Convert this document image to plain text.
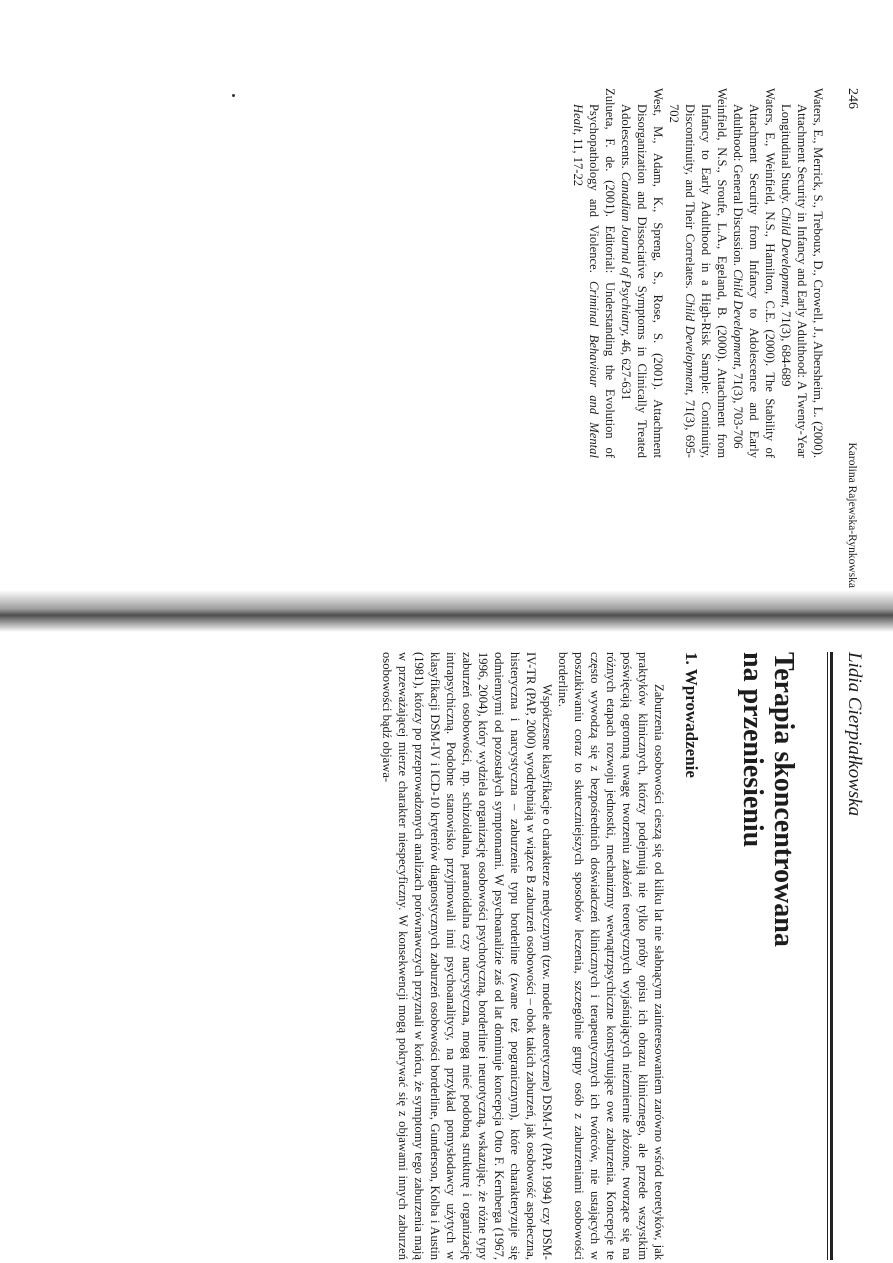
246
Karolina Rajewska-Rynkowska

Waters, E., Merrick, S., Treboux, D., Crowell, J., Albersheim, L. (2000). Attachment Security in Infancy and Early Adulthood: A Twenty-Year Longitudinal Study. Child Development, 71(3), 684-689

Waters, E., Weinfield, N.S., Hamilton, C.E. (2000). The Stability of Attachment Security from Infancy to Adolescence and Early Adulthood: General Discussion. Child Development, 71(3), 703-706

Weinfield, N.S., Sroufe, L.A., Egeland, B. (2000). Attachment from Infancy to Early Adulthood in a High-Risk Sample: Continuity, Discontinuity, and Their Correlates. Child Development, 71(3), 695-702

West, M., Adam, K., Spreng, S., Rose, S. (2001). Attachment Disorganization and Dissociative Symptoms in Clinically Treated Adolescents. Canadian Journal of Psychiatry, 46, 627-631

Zulueta, F. de. (2001). Editorial: Understanding the Evolution of Psychopathology and Violence. Criminal Behaviour and Mental Healt, 11, 17-22

Lidia Cierpiałkowska

Terapia skoncentrowana
na przeniesieniu

1. Wprowadzenie

Zaburzenia osobowości cieszą się od kilku lat nie słabnącym zainteresowaniem zarówno wśród teoretyków, jak praktyków klinicznych, którzy podejmują nie tylko próby opisu ich obrazu klinicznego, ale przede wszystkim poświęcają ogromną uwagę tworzeniu założeń teoretycznych wyjaśniających niezmiernie złożone, tworzące się na różnych etapach rozwoju jednostki, mechanizmy wewnątrzpsychiczne konstytuujące owe zaburzenia. Koncepcje te często wywodzą się z bezpośrednich doświadczeń klinicznych i terapeutycznych ich twórców, nie ustających w poszukiwaniu coraz to skuteczniejszych sposobów leczenia, szczególnie grupy osób z zaburzeniami osobowości borderline.

Współczesne klasyfikacje o charakterze medycznym (tzw. modele ateoretyczne) DSM-IV (PAP, 1994) czy DSM-IV-TR (PAP, 2000) wyodrębniają w wiązce B zaburzeń osobowości – obok takich zaburzeń, jak osobowość aspołeczna, histeryczna i narcystyczna – zaburzenie typu borderline (zwane też pogranicznym), które charakteryzuje się odmiennymi od pozostałych symptomami. W psychoanalizie zaś od lat dominuje koncepcja Otto F. Kernberga (1967, 1996, 2004), który wydziela organizację osobowości psychotyczną, borderline i neurotyczną, wskazując, że różne typy zaburzeń osobowości, np. schizoidalna, paranoidalna czy narcystyczna, mogą mieć podobną strukturę i organizację intrapsychiczną. Podobne stanowisko przyjmowali inni psychoanalitycy, na przykład pomysłodawcy użytych w klasyfikacji DSM-IV i ICD-10 kryteriów diagnostycznych zaburzeń osobowości borderline, Gunderson, Kolba i Austin (1981), którzy po przeprowadzonych analizach porównawczych przyznali w końcu, że symptomy tego zaburzenia mają w przeważającej mierze charakter niespecyficzny. W konsekwencji mogą pokrywać się z objawami innych zaburzeń osobowości bądź objawa-
